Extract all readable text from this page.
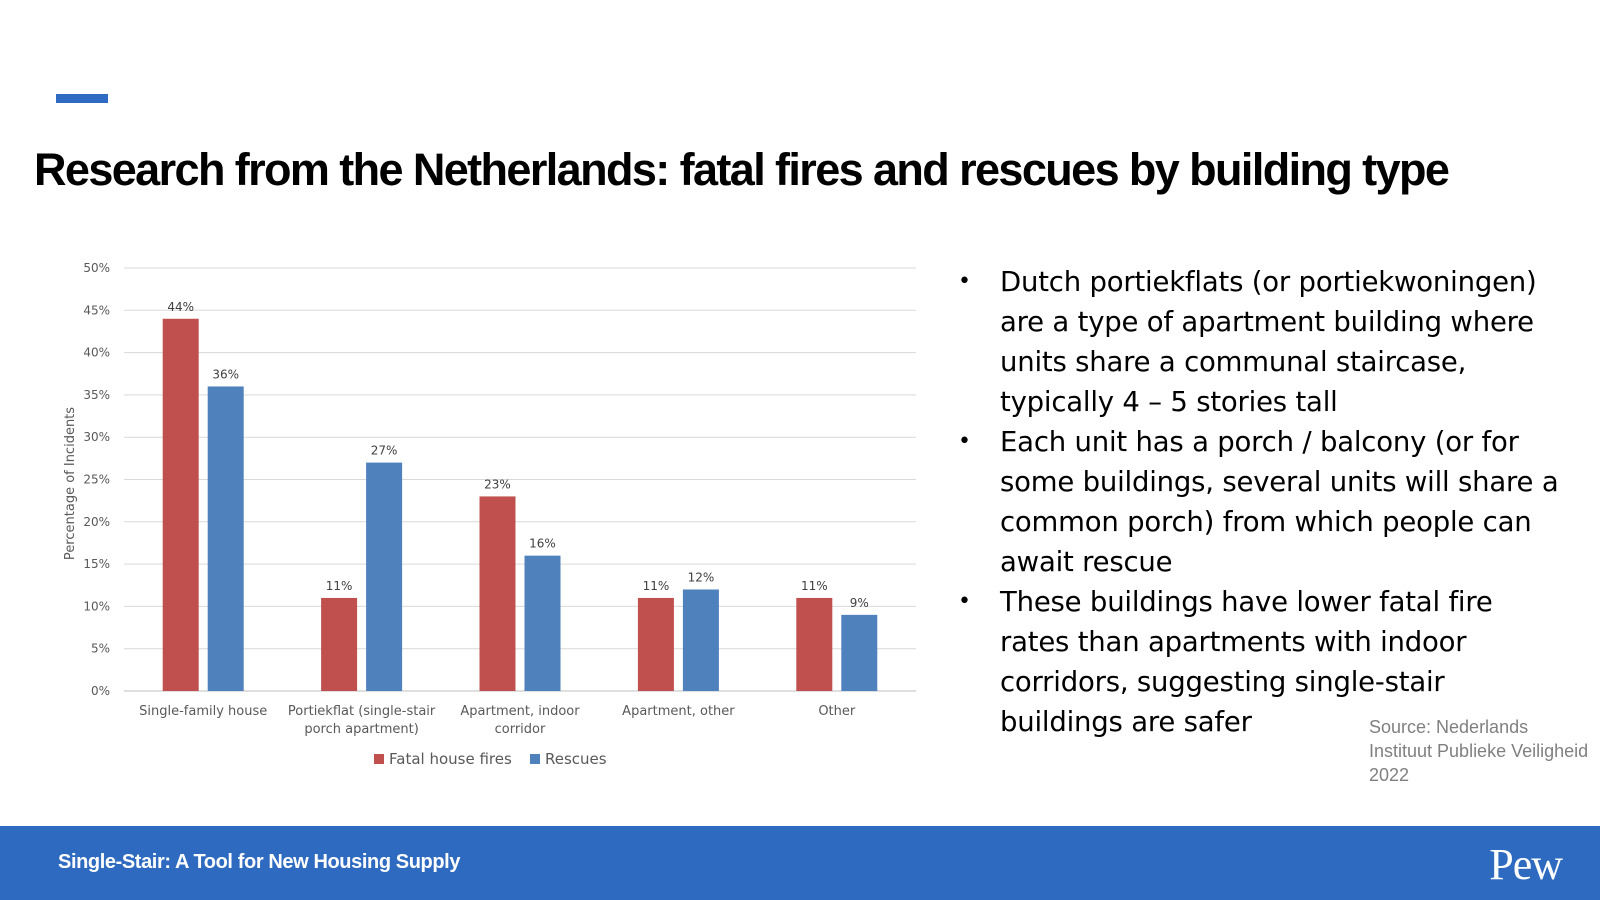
Research from the Netherlands: fatal fires and rescues by building type
0%
5%
10%
15%
20%
25%
30%
35%
40%
45%
50%
Percentage of Incidents
44%
36%
Single-family house
11%
27%
Portiekflat (single-stair
porch apartment)
23%
16%
Apartment, indoor
corridor
11%
12%
Apartment, other
11%
9%
Other
Fatal house fires Rescues
• Dutch portiekflats (or portiekwoningen) are a type of apartment building where units share a communal staircase, typically 4 – 5 stories tall
• Each unit has a porch / balcony (or for some buildings, several units will share a common porch) from which people can await rescue
• These buildings have lower fatal fire rates than apartments with indoor corridors, suggesting single-stair buildings are safer	Source: Nederlands Instituut Publieke Veiligheid 2022
Single-Stair: A Tool for New Housing Supply	Pew
